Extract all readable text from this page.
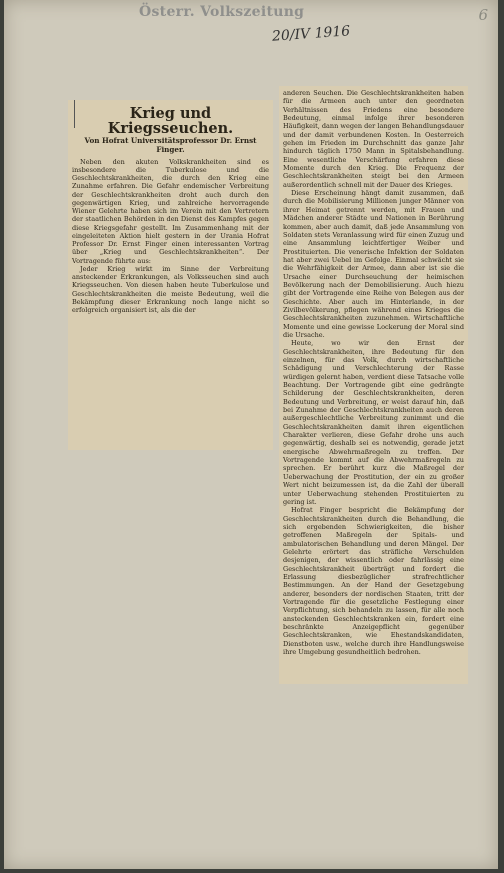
Österr. Volkszeitung
20/IV 1916
6
Krieg und Kriegsseuchen.
Von Hofrat Universitätsprofessor Dr. Ernst Finger.

Neben den akuten Volkskrankheiten sind es insbesondere die Tuberkulose und die Geschlechtskrankheiten, die durch den Krieg eine Zunahme erfahren. Die Gefahr endemischer Verbreitung der Geschlechtskrankheiten droht auch durch den gegenwärtigen Krieg, und zahlreiche hervorragende Wiener Gelehrte haben sich im Verein mit den Vertretern der staatlichen Behörden in den Dienst des Kampfes gegen diese Kriegsgefahr gestellt. Im Zusammenhang mit der eingeleiteten Aktion hielt gestern in der Urania Hofrat Professor Dr. Ernst Finger einen interessanten Vortrag über „Krieg und Geschlechtskrankheiten“. Der Vortragende führte aus:

Jeder Krieg wirkt im Sinne der Verbreitung ansteckender Erkrankungen, als Volksseuchen sind auch Kriegsseuchen. Von diesen haben heute Tuberkulose und Geschlechtskrankheiten die meiste Bedeutung, weil die Bekämpfung dieser Erkrankung noch lange nicht so erfolgreich organisiert ist, als die der

anderen Seuchen. Die Geschlechtskrankheiten haben für die Armeen auch unter den geordneten Verhältnissen des Friedens eine besondere Bedeutung, einmal infolge ihrer besonderen Häufigkeit, dann wegen der langen Behandlungsdauer und der damit verbundenen Kosten. In Oesterreich gehen im Frieden im Durchschnitt das ganze Jahr hindurch täglich 1750 Mann in Spitalsbehandlung. Eine wesentliche Verschärfung erfahren diese Momente durch den Krieg. Die Frequenz der Geschlechtskrankheiten steigt bei den Armeen außerordentlich schnell mit der Dauer des Krieges.

Diese Erscheinung hängt damit zusammen, daß durch die Mobilisierung Millionen junger Männer von ihrer Heimat getrennt werden, mit Frauen und Mädchen anderer Städte und Nationen in Berührung kommen, aber auch damit, daß jede Ansammlung von Soldaten stets Veranlassung wird für einen Zuzug und eine Ansammlung leichtfertiger Weiber und Prostituierten. Die venerische Infektion der Soldaten hat aber zwei Uebel im Gefolge. Einmal schwächt sie die Wehrfähigkeit der Armee, dann aber ist sie die Ursache einer Durchseuchung der heimischen Bevölkerung nach der Demobilisierung. Auch hiezu gibt der Vortragende eine Reihe von Belegen aus der Geschichte. Aber auch im Hinterlande, in der Zivilbevölkerung, pflegen während eines Krieges die Geschlechtskrankheiten zuzunehmen. Wirtschaftliche Momente und eine gewisse Lockerung der Moral sind die Ursache.

Heute, wo wir den Ernst der Geschlechtskrankheiten, ihre Bedeutung für den einzelnen, für das Volk, durch wirtschaftliche Schädigung und Verschlechterung der Rasse würdigen gelernt haben, verdient diese Tatsache volle Beachtung. Der Vortragende gibt eine gedrängte Schilderung der Geschlechtskrankheiten, deren Bedeutung und Verbreitung, er weist darauf hin, daß bei Zunahme der Geschlechtskrankheiten auch deren außergeschlechtliche Verbreitung zunimmt und die Geschlechtskrankheiten damit ihren eigentlichen Charakter verlieren, diese Gefahr drohe uns auch gegenwärtig, deshalb sei es notwendig, gerade jetzt energische Abwehrmaßregeln zu treffen. Der Vortragende kommt auf die Abwehrmaßregeln zu sprechen. Er berührt kurz die Maßregel der Ueberwachung der Prostitution, der ein zu großer Wert nicht beizumessen ist, da die Zahl der überall unter Ueberwachung stehenden Prostituierten zu gering ist.

Hofrat Finger bespricht die Bekämpfung der Geschlechtskrankheiten durch die Behandlung, die sich ergebenden Schwierigkeiten, die bisher getroffenen Maßregeln der Spitals- und ambulatorischen Behandlung und deren Mängel. Der Gelehrte erörtert das sträfliche Verschulden desjenigen, der wissentlich oder fahrlässig eine Geschlechtskrankheit überträgt und fordert die Erlassung diesbezüglicher strafrechtlicher Bestimmungen. An der Hand der Gesetzgebung anderer, besonders der nordischen Staaten, tritt der Vortragende für die gesetzliche Festlegung einer Verpflichtung, sich behandeln zu lassen, für alle noch ansteckenden Geschlechtskranken ein, fordert eine beschränkte Anzeigepflicht gegenüber Geschlechtskranken, wie Ehestandskandidaten, Dienstboten usw., welche durch ihre Handlungsweise ihre Umgebung gesundheitlich bedrohen.
